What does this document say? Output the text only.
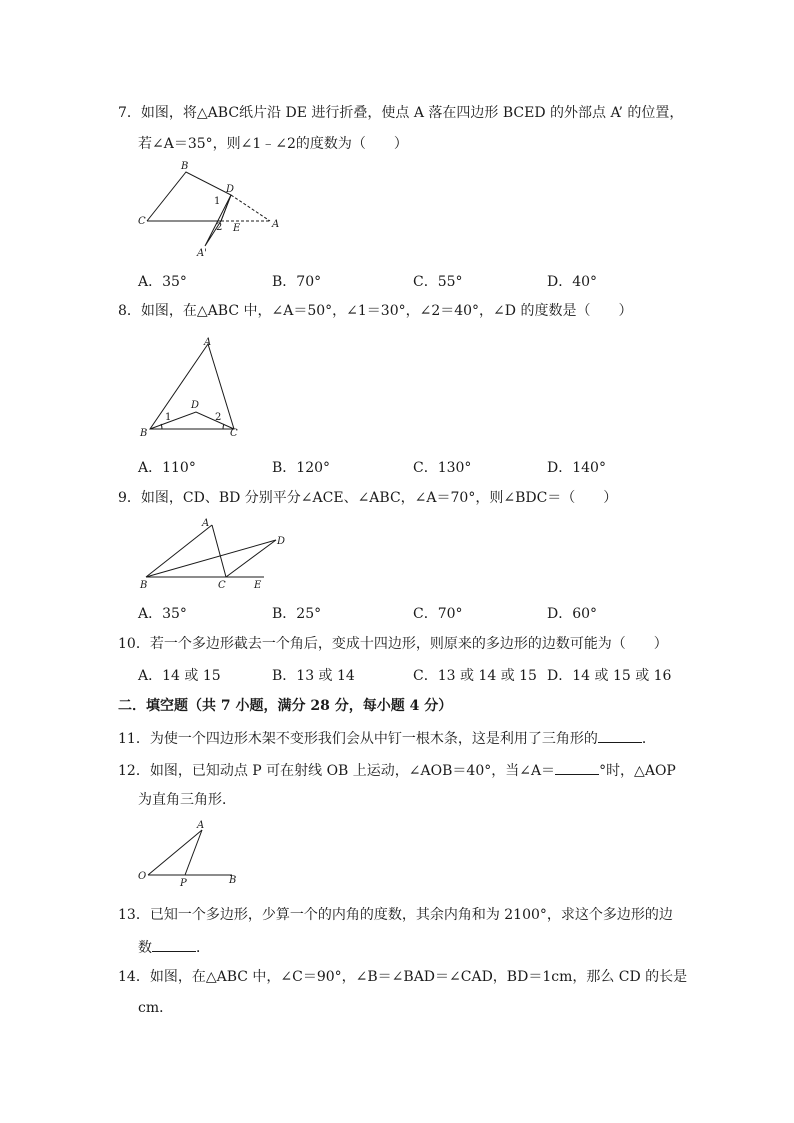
7．如图，将△ABC纸片沿 DE 进行折叠，使点 A 落在四边形 BCED 的外部点 A’ 的位置，
若∠A＝35°，则∠1﹣∠2的度数为（　　）
C
B
D
A
E
A'
1
2
A．35°	B．70°	C．55°	D．40°
8．如图，在△ABC 中，∠A＝50°，∠1＝30°，∠2＝40°，∠D 的度数是（　　）
A
B	C
D
1	2
A．110°	B．120°	C．130°	D．140°
9．如图，CD、BD 分别平分∠ACE、∠ABC，∠A＝70°，则∠BDC＝（　　）
A
B	C
D
E
A．35°	B．25°	C．70°	D．60°
10．若一个多边形截去一个角后，变成十四边形，则原来的多边形的边数可能为（　　）
A．14 或 15	B．13 或 14	C．13 或 14 或 15 D．14 或 15 或 16
二．填空题（共 7 小题，满分 28 分，每小题 4 分）
11．为使一个四边形木架不变形我们会从中钉一根木条，这是利用了三角形的	．
12．如图，已知动点 P 可在射线 OB 上运动，∠AOB＝40°，当∠A＝	°时，△AOP
为直角三角形．
A
O
P	B
13．已知一个多边形，少算一个的内角的度数，其余内角和为 2100°，求这个多边形的边
数	．
14．如图，在△ABC 中，∠C＝90°，∠B＝∠BAD＝∠CAD，BD＝1cm，那么 CD 的长是
cm．
